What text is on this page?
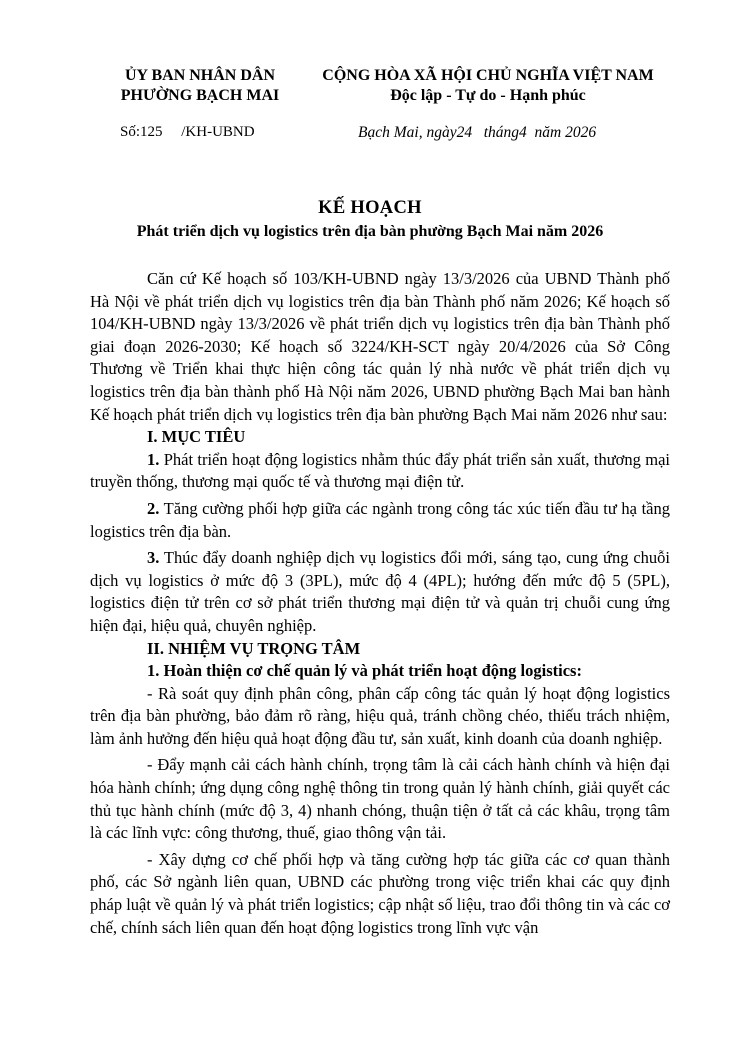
ỦY BAN NHÂN DÂN
PHƯỜNG BẠCH MAI
CỘNG HÒA XÃ HỘI CHỦ NGHĨA VIỆT NAM
Độc lập - Tự do - Hạnh phúc
Số:125     /KH-UBND	Bạch Mai, ngày24   tháng4  năm 2026
KẾ HOẠCH
Phát triển dịch vụ logistics trên địa bàn phường Bạch Mai năm 2026

Căn cứ Kế hoạch số 103/KH-UBND ngày 13/3/2026 của UBND Thành phố Hà Nội về phát triển dịch vụ logistics trên địa bàn Thành phố năm 2026; Kế hoạch số 104/KH-UBND ngày 13/3/2026 về phát triển dịch vụ logistics trên địa bàn Thành phố giai đoạn 2026-2030; Kế hoạch số 3224/KH-SCT ngày 20/4/2026 của Sở Công Thương về Triển khai thực hiện công tác quản lý nhà nước về phát triển dịch vụ logistics trên địa bàn thành phố Hà Nội năm 2026, UBND phường Bạch Mai ban hành Kế hoạch phát triển dịch vụ logistics trên địa bàn phường Bạch Mai năm 2026 như sau:

I. MỤC TIÊU

1. Phát triển hoạt động logistics nhằm thúc đẩy phát triển sản xuất, thương mại truyền thống, thương mại quốc tế và thương mại điện tử.

2. Tăng cường phối hợp giữa các ngành trong công tác xúc tiến đầu tư hạ tầng logistics trên địa bàn.

3. Thúc đẩy doanh nghiệp dịch vụ logistics đổi mới, sáng tạo, cung ứng chuỗi dịch vụ logistics ở mức độ 3 (3PL), mức độ 4 (4PL); hướng đến mức độ 5 (5PL), logistics điện tử trên cơ sở phát triển thương mại điện tử và quản trị chuỗi cung ứng hiện đại, hiệu quả, chuyên nghiệp.

II. NHIỆM VỤ TRỌNG TÂM

1. Hoàn thiện cơ chế quản lý và phát triển hoạt động logistics:

- Rà soát quy định phân công, phân cấp công tác quản lý hoạt động logistics trên địa bàn phường, bảo đảm rõ ràng, hiệu quả, tránh chồng chéo, thiếu trách nhiệm, làm ảnh hưởng đến hiệu quả hoạt động đầu tư, sản xuất, kinh doanh của doanh nghiệp.

- Đẩy mạnh cải cách hành chính, trọng tâm là cải cách hành chính và hiện đại hóa hành chính; ứng dụng công nghệ thông tin trong quản lý hành chính, giải quyết các thủ tục hành chính (mức độ 3, 4) nhanh chóng, thuận tiện ở tất cả các khâu, trọng tâm là các lĩnh vực: công thương, thuế, giao thông vận tải.

- Xây dựng cơ chế phối hợp và tăng cường hợp tác giữa các cơ quan thành phố, các Sở ngành liên quan, UBND các phường trong việc triển khai các quy định pháp luật về quản lý và phát triển logistics; cập nhật số liệu, trao đổi thông tin và các cơ chế, chính sách liên quan đến hoạt động logistics trong lĩnh vực vận
